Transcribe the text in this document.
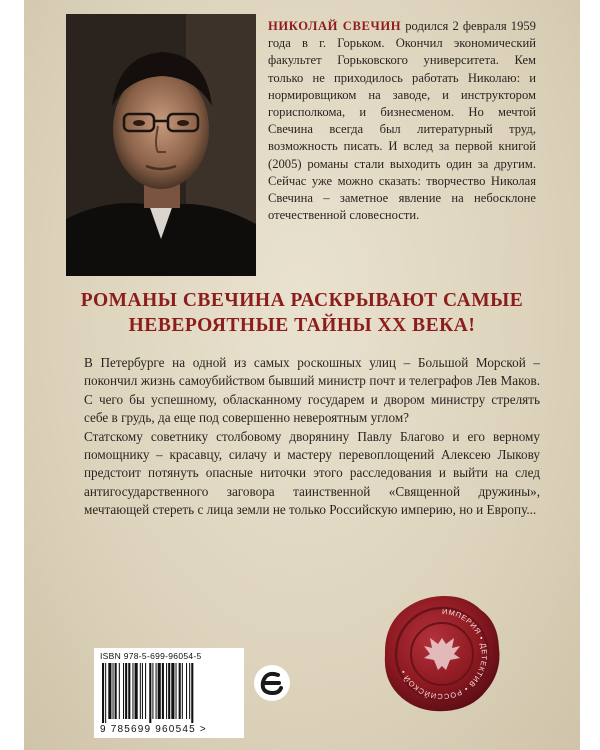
НИКОЛАЙ СВЕЧИН родился 2 февраля 1959 года в г. Горьком. Окончил экономический факультет Горьковского университета. Кем только не приходилось работать Николаю: и нормировщиком на заводе, и инструктором горисполкома, и бизнесменом. Но мечтой Свечина всегда был литературный труд, возможность писать. И вслед за первой книгой (2005) романы стали выходить один за другим. Сейчас уже можно сказать: творчество Николая Свечина – заметное явление на небосклоне отечественной словесности.
РОМАНЫ СВЕЧИНА РАСКРЫВАЮТ САМЫЕ
НЕВЕРОЯТНЫЕ ТАЙНЫ XX ВЕКА!

В Петербурге на одной из самых роскошных улиц – Большой Морской – покончил жизнь самоубийством бывший министр почт и телеграфов Лев Маков. С чего бы успешному, обласканному государем и двором министру стрелять себе в грудь, да еще под совершенно невероятным углом?

Статскому советнику столбовому дворянину Павлу Благово и его верному помощнику – красавцу, силачу и мастеру перевоплощений Алексею Лыкову предстоит потянуть опасные ниточки этого расследования и выйти на след антигосударственного заговора таинственной «Священной дружины», мечтающей стереть с лица земли не только Российскую империю, но и Европу...

ISBN 978-5-699-96054-5
9 785699 960545 >
ИМПЕРИЯ • ДЕТЕКТИВ • РОССИЙСКОЙ •
